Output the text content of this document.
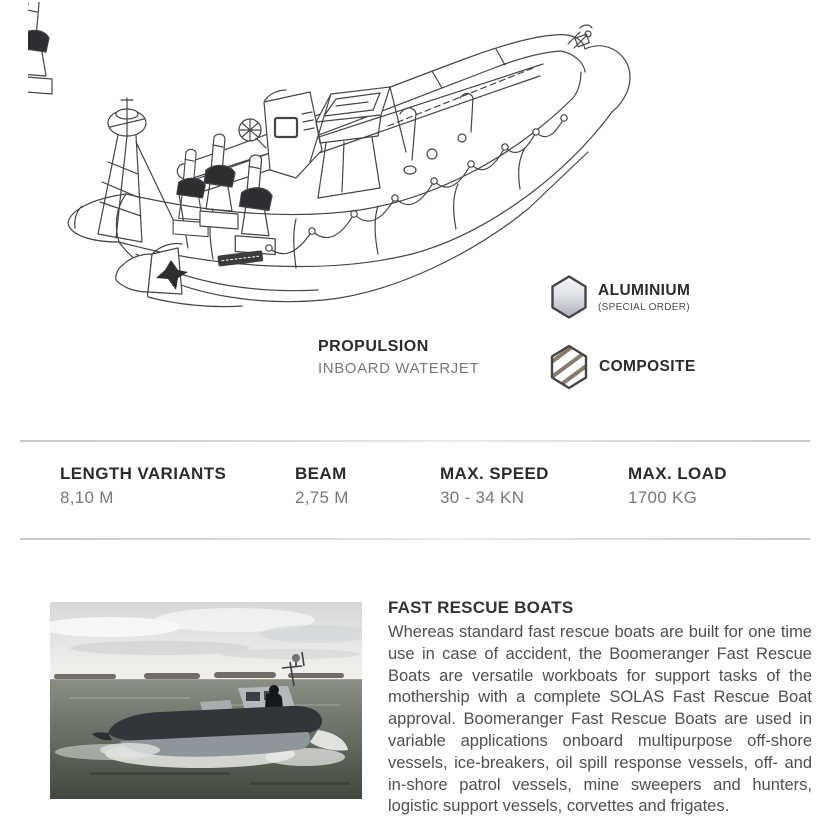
PROPULSION
INBOARD WATERJET
ALUMINIUM
(SPECIAL ORDER)
COMPOSITE
LENGTH VARIANTS
8,10 M
BEAM
2,75 M
MAX. SPEED
30 - 34 KN
MAX. LOAD
1700 KG
FAST RESCUE BOATS
Whereas standard fast rescue boats are built for one time use in case of accident, the Boomeranger Fast Rescue Boats are versatile workboats for support tasks of the mothership with a complete SOLAS Fast Rescue Boat approval. Boomeranger Fast Rescue Boats are used in variable applications onboard multipurpose off-shore vessels, ice-breakers, oil spill response vessels, off- and in-shore patrol vessels, mine sweepers and hunters, logistic support vessels, corvettes and frigates.
